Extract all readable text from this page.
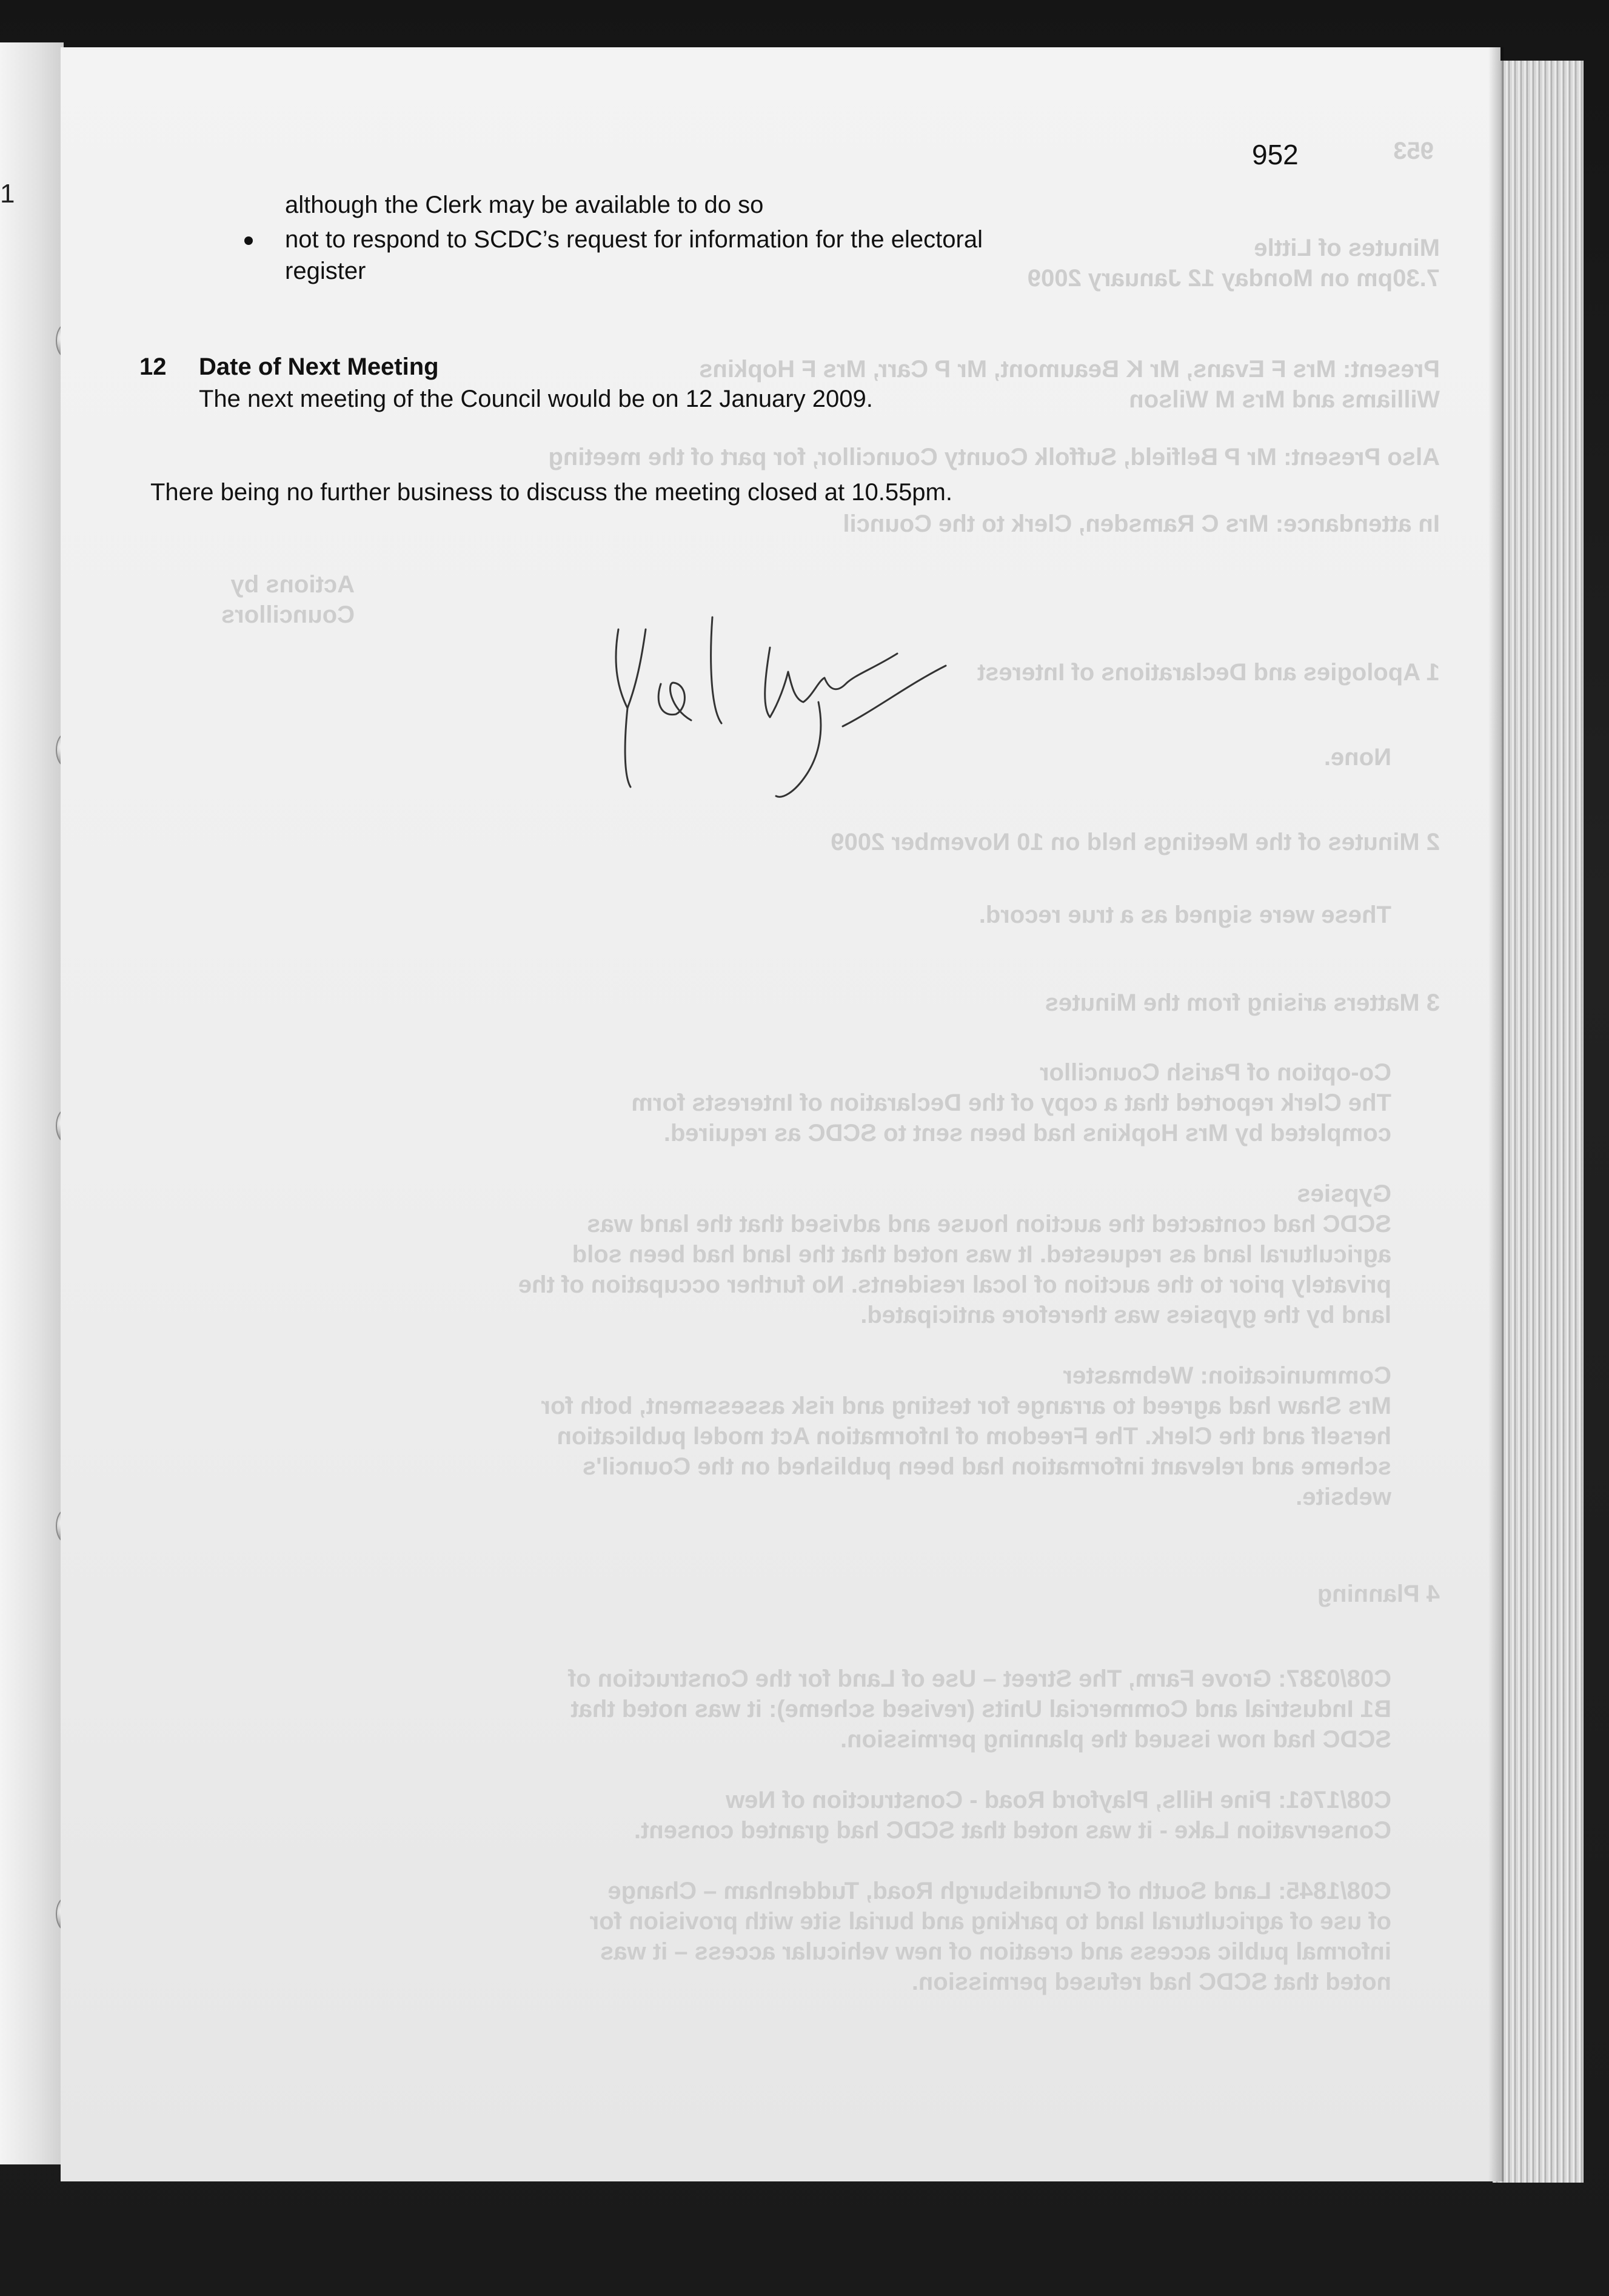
1
953
Minutes of Little
7.30pm on Monday 12 January 2009
Present: Mrs F Evans, Mr K Beaumont, Mr P Carr, Mrs F Hopkins
Williams and Mrs M Wilson
Also Present: Mr P Belfield, Suffolk County Councillor, for part of the meeting
In attendance: Mrs C Ramsden, Clerk to the Council
Actions by
Councillors
1 Apologies and Declarations of Interest
None.
2 Minutes of the Meetings held on 10 November 2009
These were signed as a true record.
3 Matters arising from the Minutes
Co-option of Parish Councillor
The Clerk reported that a copy of the Declaration of Interests form
completed by Mrs Hopkins had been sent to SCDC as required.
Gypsies
SCDC had contacted the auction house and advised that the land was
agricultural land as requested. It was noted that the land had been sold
privately prior to the auction of local residents. No further occupation of the
land by the gypsies was therefore anticipated.
Communication: Webmaster
Mrs Shaw had agreed to arrange for testing and risk assessment, both for
herself and the Clerk. The Freedom of Information Act model publication
scheme and relevant information had been published on the Council's
website.
4 Planning
C08/0387: Grove Farm, The Street – Use of Land for the Construction of
B1 Industrial and Commercial Units (revised scheme): it was noted that
SCDC had now issued the planning permission.
C08/1761: Pine Hills, Playford Road - Construction of New
Conservation Lake - it was noted that SCDC had granted consent.
C08/1845: Land South of Grundisburgh Road, Tuddenham – Change
of use of agricultural land to parking and burial site with provision for
informal public access and creation of new vehicular access – it was
noted that SCDC had refused permission.
952
although the Clerk may be available to do so
not to respond to SCDC’s request for information for the electoral
register
12 Date of Next Meeting
The next meeting of the Council would be on 12 January 2009.
There being no further business to discuss the meeting closed at 10.55pm.
